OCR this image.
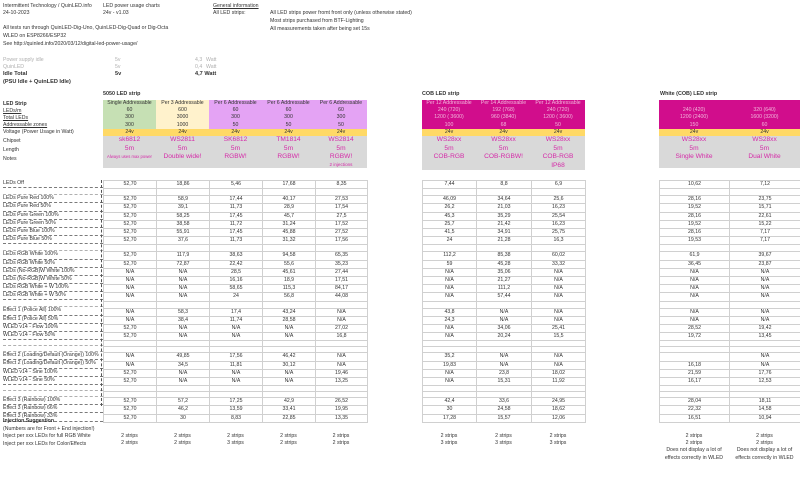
Intermittent Technology / QuinLED.info
24-10-2023
LED power usage charts
24v - v1.03
All tests run through QuinLED-Dig-Uno, QuinLED-Dig-Quad or Dig-Octa
WLED on ESP8266/ESP32
See http://quinled.info/2020/03/12/digital-led-power-usage/
General information
All LED strips:	All LED strips power fromt front only (unless otherwise stated)
Most strips purchased from BTF-Lighting
All measurements taken after being set 15s
Power supply idle	5v	4,3 Watt
QuinLED	5v	0,4 Watt
Idle Total	5v	4,7 Watt
(PSU Idle + QuinLED Idle)
5050 LED strip	COB LED strip	White (COB) LED strip
LED Strip
LEDs/m
Total LEDs
Addressable zones
Voltage (Power Usage in Watt)
Chipset
Length
Notes
Single Addressable	Per 3 Addressable	Per 6 Addressable	Per 6 Addressable	Per 6 Addressable
60	600	60	60	60
300	3000	300	300	300
300	1000	50	50	50
24v	24v	24v	24v	24v
sk6812	WS2811	SK6812	TM1814	WS2814
5m	5m	5m	5m	5m
Always uses max power	Double wide!	RGBW!	RGBW!	RGBW!
				2 injections
Per 12 Addressable	Per 14 Addressable	Per 12 Addressable
240 (720)	192 (768)	240 (720)
1200 ( 3600)	960 (3840)	1200 ( 3600)
100	68	50
24v	24v	24v
WS28xx	WS28xx	WS28xx
5m	5m	5m
COB-RGB	COB-RGBW!	COB-RGB
		IP68

240 (420)	320 (640)
1200 (2400)	1600 (3200)
150	60
24v	24v
WS28xx	WS28xx
5m	5m
Single White	Dual White

LEDs Off
LEDs Pure Red 100%
LEDs Pure Red 50%
LEDs Pure Green 100%
LEDs Pure Green 50%
LEDs Pure Blue 100%
LEDs Pure Blue 50%
LEDs RGB White 100%
LEDs RGB White 50%
LEDs (No-RGB)W White 100%
LEDs (No-RGB)W White 50%
LEDs RGB White + W 100%
LEDs RGB White + W 50%
Effect 1 (Police All) 100%
Effect 1 (Police All) 50%
WLED v14 - Flow 100%
WLED v14 - Flow 50%
Effect 2 (Loading/Default (Orange)) 100%
Effect 2 (Loading/Default (Orange)) 50%
WLED v14 - Sine 100%
WLED v14 - Sine 50%
Effect 3 (Rainbow) 100%
Effect 3 (Rainbow) 66%
Effect 3 (Rainbow) 33%
52,70	18,86	5,46	17,68	8,35

52,70	58,9	17,44	40,17	27,53
52,70	39,1	11,73	28,9	17,54
52,70	58,25	17,45	45,7	27,5
52,70	38,58	11,72	31,24	17,52
52,70	55,91	17,45	45,88	27,52
52,70	37,6	11,73	31,32	17,56

52,70	117,9	38,63	94,58	65,35
52,70	72,87	22,42	55,6	35,23
N/A	N/A	28,5	45,61	27,44
N/A	N/A	16,16	18,9	17,51
N/A	N/A	58,65	115,3	84,17
N/A	N/A	24	56,8	44,08

N/A	58,3	17,4	43,24	N/A
N/A	38,4	11,74	28,58	N/A
52,70	N/A	N/A	N/A	27,02
52,70	N/A	N/A	N/A	16,8

N/A	49,85	17,56	46,42	N/A
N/A	34,5	11,81	30,12	N/A
52,70	N/A	N/A	N/A	19,46
52,70	N/A	N/A	N/A	13,25

52,70	57,2	17,25	42,9	26,52
52,70	46,2	13,59	33,41	19,95
52,70	30	8,83	22,85	13,35
7,44	8,8	6,9

46,09	34,64	25,6
26,2	21,03	16,23
45,3	35,29	25,54
25,7	21,42	16,23
41,5	34,91	25,75
24	21,28	16,3

112,2	85,38	60,02
59	45,28	33,32
N/A	35,06	N/A
N/A	21,27	N/A
N/A	111,2	N/A
N/A	57,44	N/A

43,8	N/A	N/A
24,3	N/A	N/A
N/A	34,06	25,41
N/A	20,24	15,5

35,2	N/A	N/A
19,83	N/A	N/A
N/A	23,8	18,02
N/A	15,31	11,92

42,4	33,6	24,95
30	24,58	18,62
17,28	15,57	12,06
10,62	7,12

28,16	23,75
19,52	15,71
28,16	22,61
19,52	15,22
28,16	7,17
19,53	7,17

61,9	39,67
36,45	23,87
N/A	N/A
N/A	N/A
N/A	N/A
N/A	N/A

N/A	N/A
N/A	N/A
28,52	19,42
19,72	13,45

	N/A
16,18	N/A
21,59	17,76
16,17	12,53

28,04	18,11
22,32	14,58
16,51	10,94
Injection Suggestion
(Numbers are for Front + End injection!)
Inject per xxx LEDs for full RGB White
Inject per xxx LEDs for Color/Effects
2 strips	2 strips	2 strips	2 strips	2 strips
2 strips	2 strips	3 strips	2 strips	2 strips
2 strips	2 strips	2 strips
3 strips	3 strips	3 strips
2 strips	2 strips
2 strips	2 strips
Does not display a lot of	Does not display a lot of
effects correctly in WLED	effects correctly in WLED
